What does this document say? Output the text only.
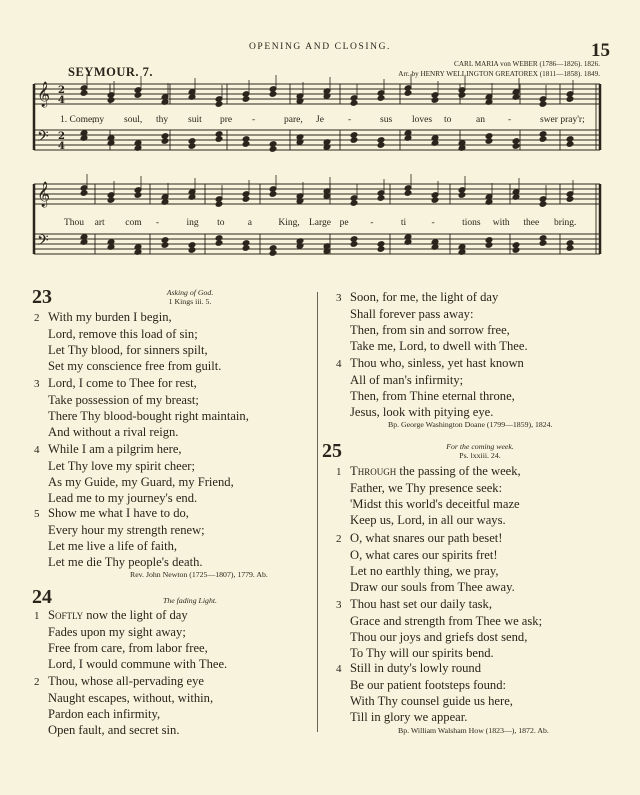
OPENING AND CLOSING.	15
SEYMOUR. 7.
CARL MARIA von WEBER (1786—1826). 1826.
Arr. by HENRY WELLINGTON GREATOREX (1811—1858). 1849.
𝄞 2
4
𝄢 2
4
𝄞
𝄢
1. Come,
my soul, thy suit pre -	pare, Je	-	sus loves to	an -	swer pray'r;
Thou art com -	ing to a	King, Large pe -	ti	-	tions with thee bring.
23	Asking of God.
1 Kings iii. 5.
2 With my burden I begin,
Lord, remove this load of sin;
Let Thy blood, for sinners spilt,
Set my conscience free from guilt.
3 Lord, I come to Thee for rest,
Take possession of my breast;
There Thy blood-bought right maintain,
And without a rival reign.
4 While I am a pilgrim here,
Let Thy love my spirit cheer;
As my Guide, my Guard, my Friend,
Lead me to my journey's end.
5 Show me what I have to do,
Every hour my strength renew;
Let me live a life of faith,
Let me die Thy people's death.
Rev. John Newton (1725—1807), 1779. Ab.
24	The fading Light.
1 Softly now the light of day
Fades upon my sight away;
Free from care, from labor free,
Lord, I would commune with Thee.
2 Thou, whose all-pervading eye
Naught escapes, without, within,
Pardon each infirmity,
Open fault, and secret sin.
3 Soon, for me, the light of day
Shall forever pass away:
Then, from sin and sorrow free,
Take me, Lord, to dwell with Thee.
4 Thou who, sinless, yet hast known
All of man's infirmity;
Then, from Thine eternal throne,
Jesus, look with pitying eye.
Bp. George Washington Doane (1799—1859), 1824.
25	For the coming week.
Ps. lxxiii. 24.
1 Through the passing of the week,
Father, we Thy presence seek:
'Midst this world's deceitful maze
Keep us, Lord, in all our ways.
2 O, what snares our path beset!
O, what cares our spirits fret!
Let no earthly thing, we pray,
Draw our souls from Thee away.
3 Thou hast set our daily task,
Grace and strength from Thee we ask;
Thou our joys and griefs dost send,
To Thy will our spirits bend.
4 Still in duty's lowly round
Be our patient footsteps found:
With Thy counsel guide us here,
Till in glory we appear.
Bp. William Walsham How (1823—), 1872. Ab.
